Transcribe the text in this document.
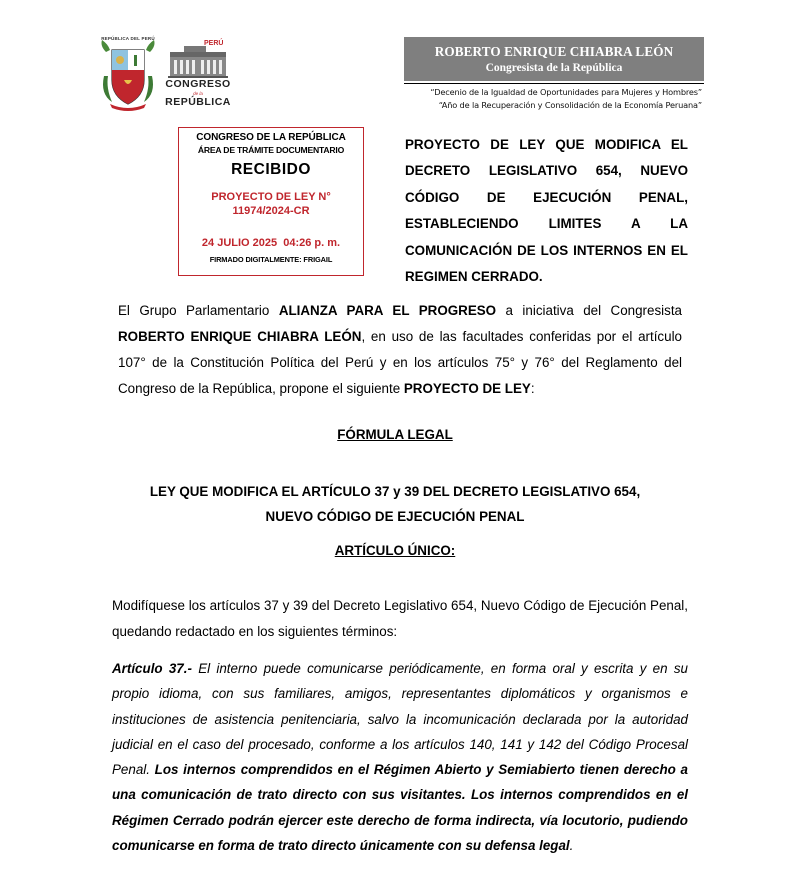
REPÚBLICA DEL PERÚ
PERÚ
CONGRESO
de la
REPÚBLICA
ROBERTO ENRIQUE CHIABRA LEÓN
Congresista de la República
“Decenio de la Igualdad de Oportunidades para Mujeres y Hombres”
“Año de la Recuperación y Consolidación de la Economía Peruana”
CONGRESO DE LA REPÚBLICA
ÁREA DE TRÁMITE DOCUMENTARIO
RECIBIDO
PROYECTO DE LEY N°
11974/2024-CR
24 JULIO 2025  04:26 p. m.
FIRMADO DIGITALMENTE: FRIGAIL
PROYECTO DE LEY QUE MODIFICA EL DECRETO LEGISLATIVO 654, NUEVO CÓDIGO DE EJECUCIÓN PENAL, ESTABLECIENDO LIMITES A LA COMUNICACIÓN DE LOS INTERNOS EN EL REGIMEN CERRADO.
El Grupo Parlamentario ALIANZA PARA EL PROGRESO a iniciativa del Congresista ROBERTO ENRIQUE CHIABRA LEÓN, en uso de las facultades conferidas por el artículo 107° de la Constitución Política del Perú y en los artículos 75° y 76° del Reglamento del Congreso de la República, propone el siguiente PROYECTO DE LEY:
FÓRMULA LEGAL
LEY QUE MODIFICA EL ARTÍCULO 37 y 39 DEL DECRETO LEGISLATIVO 654,
NUEVO CÓDIGO DE EJECUCIÓN PENAL
ARTÍCULO ÚNICO:
Modifíquese los artículos 37 y 39 del Decreto Legislativo 654, Nuevo Código de Ejecución Penal, quedando redactado en los siguientes términos:
Artículo 37.- El interno puede comunicarse periódicamente, en forma oral y escrita y en su propio idioma, con sus familiares, amigos, representantes diplomáticos y organismos e instituciones de asistencia penitenciaria, salvo la incomunicación declarada por la autoridad judicial en el caso del procesado, conforme a los artículos 140, 141 y 142 del Código Procesal Penal. Los internos comprendidos en el Régimen Abierto y Semiabierto tienen derecho a una comunicación de trato directo con sus visitantes. Los internos comprendidos en el Régimen Cerrado podrán ejercer este derecho de forma indirecta, vía locutorio, pudiendo comunicarse en forma de trato directo únicamente con su defensa legal.
